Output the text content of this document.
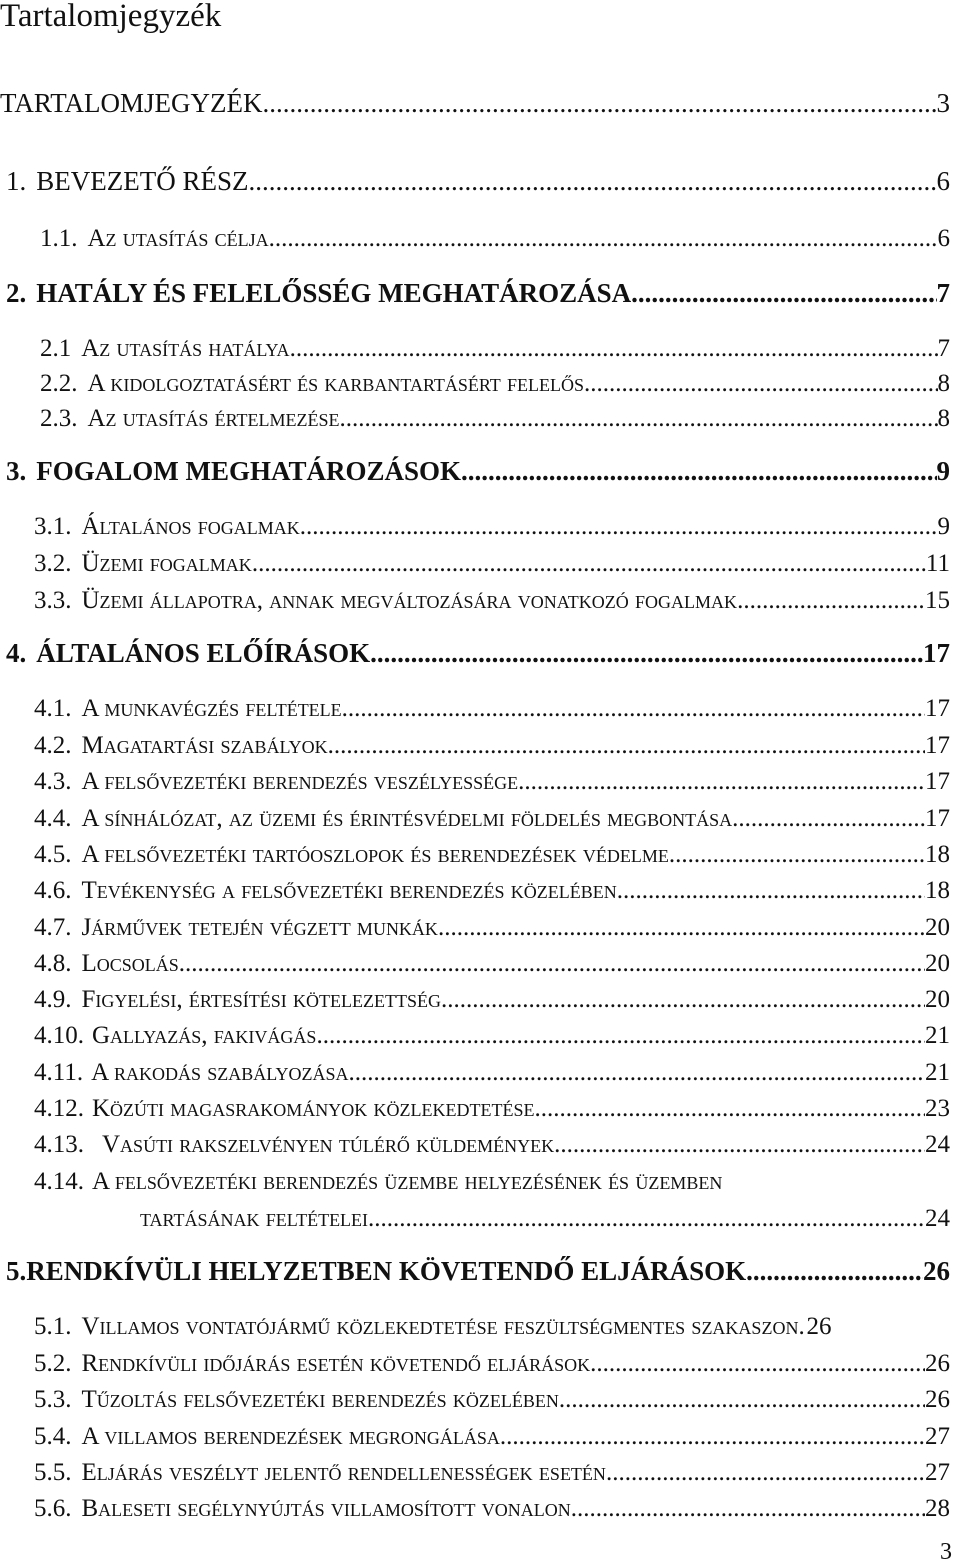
Tartalomjegyzék
TARTALOMJEGYZÉK .....	3
1. BEVEZETŐ RÉSZ .....	6
1.1. Az utasítás célja .....	6
2. HATÁLY ÉS FELELŐSSÉG MEGHATÁROZÁSA .....	7
2.1 Az utasítás hatálya .....	7
2.2. A kidolgoztatásért és karbantartásért felelős .....	8
2.3. Az utasítás értelmezése .....	8
3. FOGALOM MEGHATÁROZÁSOK .....	9
3.1. Általános fogalmak .....	9
3.2. Üzemi fogalmak .....	11
3.3. Üzemi állapotra, annak megváltozására vonatkozó fogalmak .....	15
4. ÁLTALÁNOS ELŐÍRÁSOK .....	17
4.1. A munkavégzés feltétele .....	17
4.2. Magatartási szabályok .....	17
4.3. A felsővezetéki berendezés veszélyessége .....	17
4.4. A sínhálózat, az üzemi és érintésvédelmi földelés megbontása .....	17
4.5. A felsővezetéki tartóoszlopok és berendezések védelme .....	18
4.6. Tevékenység a felsővezetéki berendezés közelében .....	18
4.7. Járművek tetején végzett munkák .....	20
4.8. Locsolás .....	20
4.9. Figyelési, értesítési kötelezettség .....	20
4.10. Gallyazás, fakivágás .....	21
4.11. A rakodás szabályozása .....	21
4.12. Közúti magasrakományok közlekedtetése .....	23
4.13. Vasúti rakszelvényen túlérő küldemények .....	24
4.14. A felsővezetéki berendezés üzembe helyezésének és üzemben
tartásának feltételei .....	24
5. RENDKÍVÜLI HELYZETBEN KÖVETENDŐ ELJÁRÁSOK .....	26
5.1. Villamos vontatójármű közlekedtetése feszültségmentes szakaszon ..... 26
5.2. Rendkívüli időjárás esetén követendő eljárások .....	26
5.3. Tűzoltás felsővezetéki berendezés közelében .....	26
5.4. A villamos berendezések megrongálása .....	27
5.5. Eljárás veszélyt jelentő rendellenességek esetén .....	27
5.6. Baleseti segélynyújtás villamosított vonalon .....	28
3
